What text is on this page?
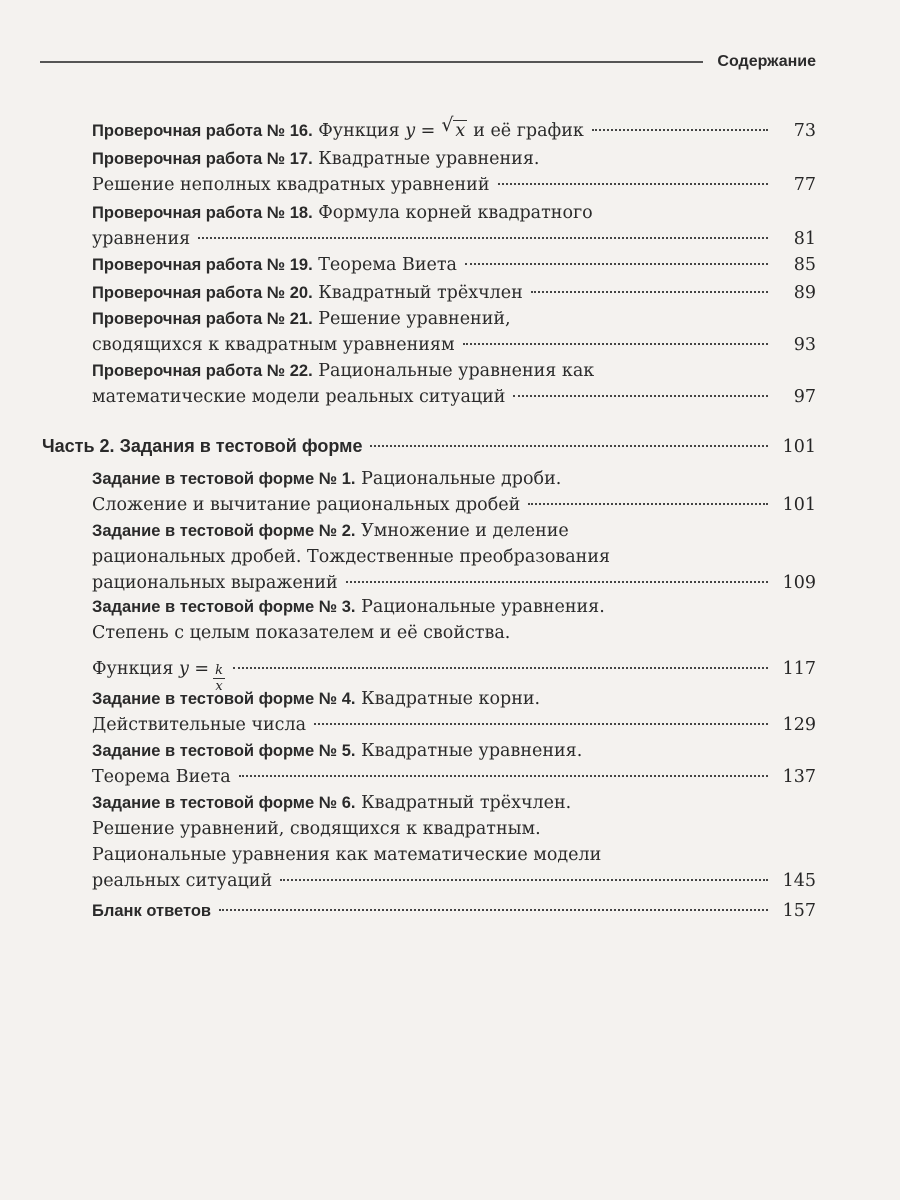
Содержание
Проверочная работа № 16.
Функция
y = √ x и её график	73
Проверочная работа № 17.
Квадратные уравнения.
Решение неполных квадратных уравнений	77
Проверочная работа № 18.
Формула корней квадратного
уравнения	81
Проверочная работа № 19.
Теорема Виета	85
Проверочная работа № 20.
Квадратный трёхчлен	89
Проверочная работа № 21.
Решение уравнений,
сводящихся к квадратным уравнениям	93
Проверочная работа № 22.
Рациональные уравнения как
математические модели реальных ситуаций	97
Часть 2. Задания в тестовой форме	101
Задание в тестовой форме № 1.
Рациональные дроби.
Сложение и вычитание рациональных дробей	101
Задание в тестовой форме № 2.
Умножение и деление
рациональных дробей. Тождественные преобразования
рациональных выражений	109
Задание в тестовой форме № 3.
Рациональные уравнения.
Степень с целым показателем и её свойства.
Функция
$y = \frac{k}{x}$	117
Задание в тестовой форме № 4.
Квадратные корни.
Действительные числа	129
Задание в тестовой форме № 5.
Квадратные уравнения.
Теорема Виета	137
Задание в тестовой форме № 6.
Квадратный трёхчлен.
Решение уравнений, сводящихся к квадратным.
Рациональные уравнения как математические модели
реальных ситуаций	145
Бланк ответов	157
